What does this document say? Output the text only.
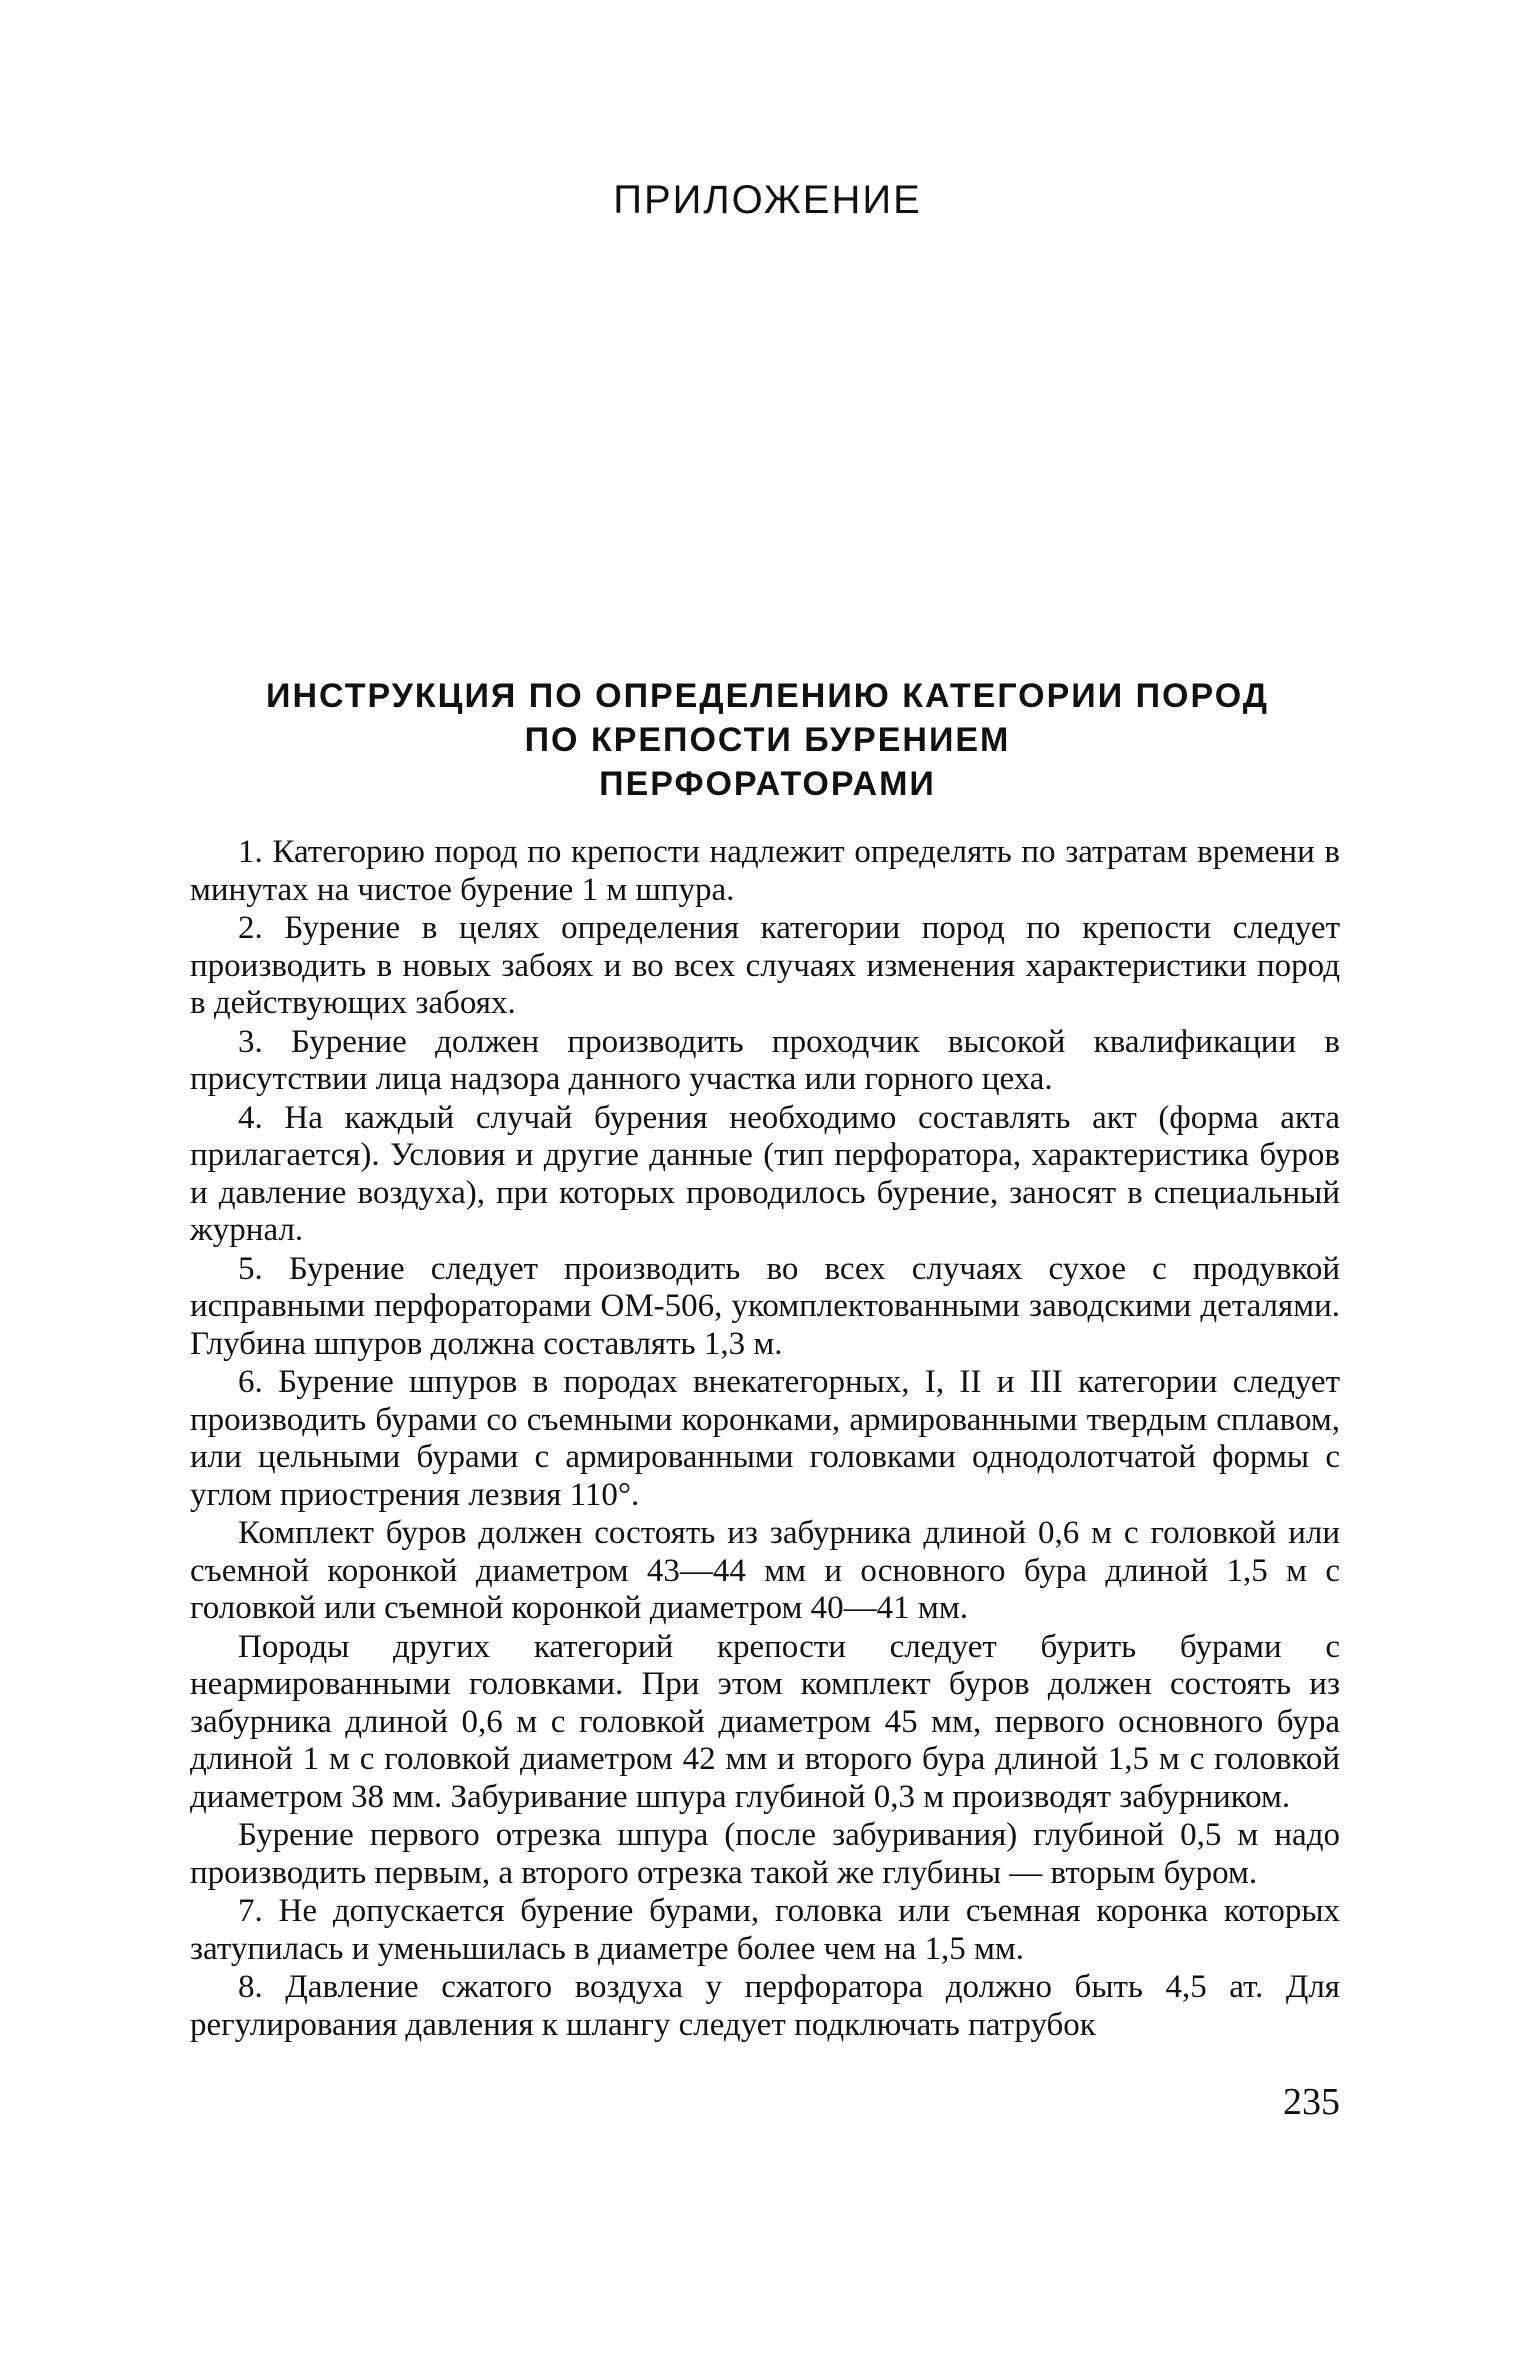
ПРИЛОЖЕНИЕ
ИНСТРУКЦИЯ ПО ОПРЕДЕЛЕНИЮ КАТЕГОРИИ ПОРОД
ПО КРЕПОСТИ БУРЕНИЕМ
ПЕРФОРАТОРАМИ

1. Категорию пород по крепости надлежит определять по затратам времени в минутах на чистое бурение 1 м шпура.

2. Бурение в целях определения категории пород по крепости следует производить в новых забоях и во всех случаях изменения характеристики пород в действующих забоях.

3. Бурение должен производить проходчик высокой квалификации в присутствии лица надзора данного участка или горного цеха.

4. На каждый случай бурения необходимо составлять акт (форма акта прилагается). Условия и другие данные (тип перфоратора, характеристика буров и давление воздуха), при которых проводилось бурение, заносят в специальный журнал.

5. Бурение следует производить во всех случаях сухое с продувкой исправными перфораторами ОМ-506, укомплектованными заводскими деталями. Глубина шпуров должна составлять 1,3 м.

6. Бурение шпуров в породах внекатегорных, I, II и III категории следует производить бурами со съемными коронками, армированными твердым сплавом, или цельными бурами с армированными головками однодолотчатой формы с углом приострения лезвия 110°.

Комплект буров должен состоять из забурника длиной 0,6 м с головкой или съемной коронкой диаметром 43—44 мм и основного бура длиной 1,5 м с головкой или съемной коронкой диаметром 40—41 мм.

Породы других категорий крепости следует бурить бурами с неармированными головками. При этом комплект буров должен состоять из забурника длиной 0,6 м с головкой диаметром 45 мм, первого основного бура длиной 1 м с головкой диаметром 42 мм и второго бура длиной 1,5 м с головкой диаметром 38 мм. Забуривание шпура глубиной 0,3 м производят забурником.

Бурение первого отрезка шпура (после забуривания) глубиной 0,5 м надо производить первым, а второго отрезка такой же глубины — вторым буром.

7. Не допускается бурение бурами, головка или съемная коронка которых затупилась и уменьшилась в диаметре более чем на 1,5 мм.

8. Давление сжатого воздуха у перфоратора должно быть 4,5 ат. Для регулирования давления к шлангу следует подключать патрубок

235
